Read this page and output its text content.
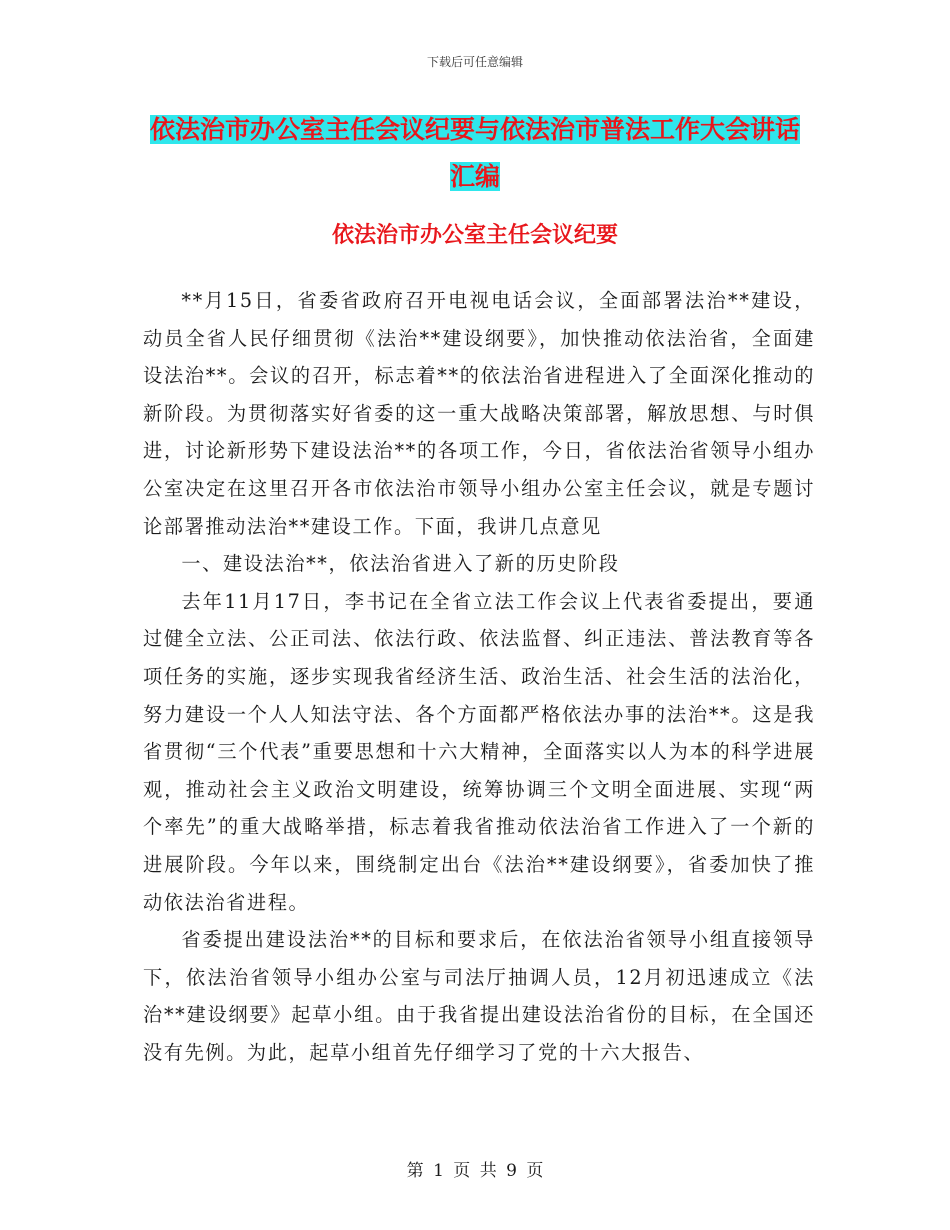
下载后可任意编辑
依法治市办公室主任会议纪要与依法治市普法工作大会讲话汇编
依法治市办公室主任会议纪要

**月15日，省委省政府召开电视电话会议，全面部署法治**建设，动员全省人民仔细贯彻《法治**建设纲要》，加快推动依法治省，全面建设法治**。会议的召开，标志着**的依法治省进程进入了全面深化推动的新阶段。为贯彻落实好省委的这一重大战略决策部署，解放思想、与时俱进，讨论新形势下建设法治**的各项工作，今日，省依法治省领导小组办公室决定在这里召开各市依法治市领导小组办公室主任会议，就是专题讨论部署推动法治**建设工作。下面，我讲几点意见

一、建设法治**，依法治省进入了新的历史阶段

去年11月17日，李书记在全省立法工作会议上代表省委提出，要通过健全立法、公正司法、依法行政、依法监督、纠正违法、普法教育等各项任务的实施，逐步实现我省经济生活、政治生活、社会生活的法治化，努力建设一个人人知法守法、各个方面都严格依法办事的法治**。这是我省贯彻“三个代表”重要思想和十六大精神，全面落实以人为本的科学进展观，推动社会主义政治文明建设，统筹协调三个文明全面进展、实现“两个率先”的重大战略举措，标志着我省推动依法治省工作进入了一个新的进展阶段。今年以来，围绕制定出台《法治**建设纲要》，省委加快了推动依法治省进程。

省委提出建设法治**的目标和要求后，在依法治省领导小组直接领导下，依法治省领导小组办公室与司法厅抽调人员，12月初迅速成立《法治**建设纲要》起草小组。由于我省提出建设法治省份的目标，在全国还没有先例。为此，起草小组首先仔细学习了党的十六大报告、

第 1 页 共 9 页
